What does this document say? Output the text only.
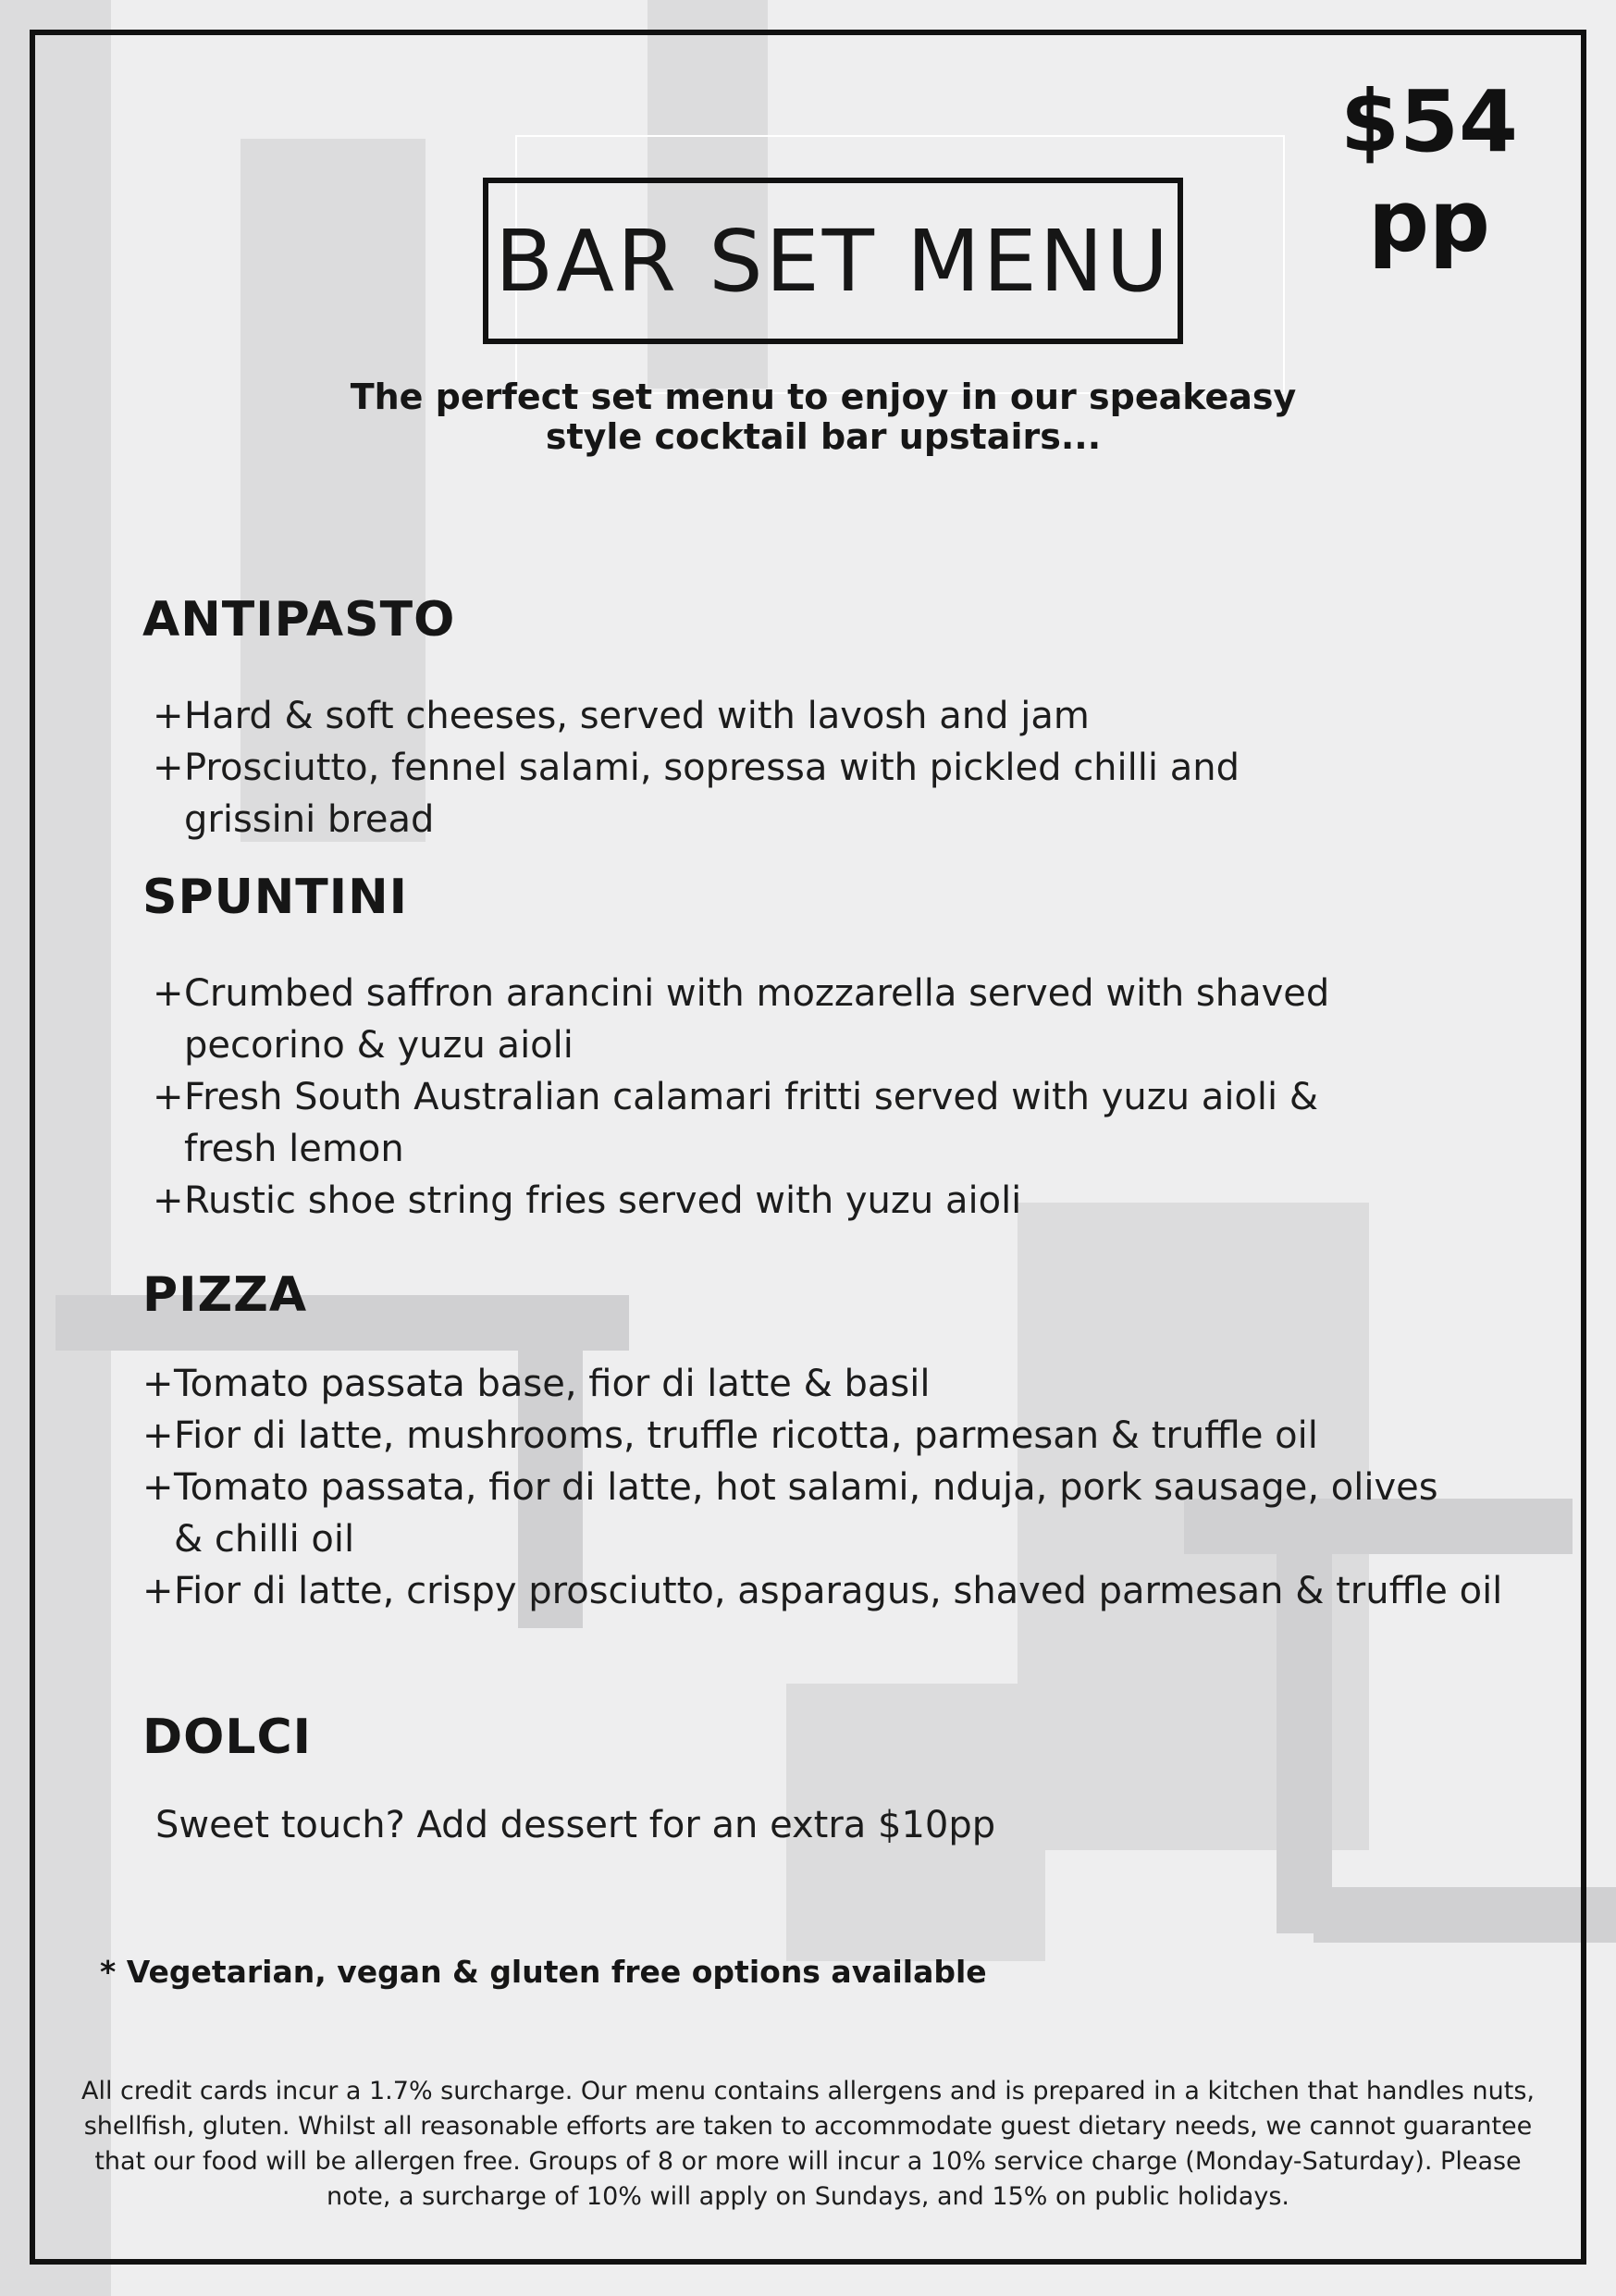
BAR SET MENU
$54
pp
The perfect set menu to enjoy in our speakeasy
style cocktail bar upstairs...
ANTIPASTO
+Hard & soft cheeses, served with lavosh and jam
+Prosciutto, fennel salami, sopressa with pickled chilli and grissini bread
SPUNTINI
+Crumbed saffron arancini with mozzarella served with shaved pecorino & yuzu aioli
+Fresh South Australian calamari fritti served with yuzu aioli & fresh lemon
+Rustic shoe string fries served with yuzu aioli
PIZZA
+Tomato passata base, fior di latte & basil
+Fior di latte, mushrooms, truffle ricotta, parmesan & truffle oil
+Tomato passata, fior di latte, hot salami, nduja, pork sausage, olives & chilli oil
+Fior di latte, crispy prosciutto, asparagus, shaved parmesan & truffle oil
DOLCI
Sweet touch? Add dessert for an extra $10pp
* Vegetarian, vegan & gluten free options available
All credit cards incur a 1.7% surcharge. Our menu contains allergens and is prepared in a kitchen that handles nuts,
shellfish, gluten. Whilst all reasonable efforts are taken to accommodate guest dietary needs, we cannot guarantee
that our food will be allergen free. Groups of 8 or more will incur a 10% service charge (Monday-Saturday). Please
note, a surcharge of 10% will apply on Sundays, and 15% on public holidays.
